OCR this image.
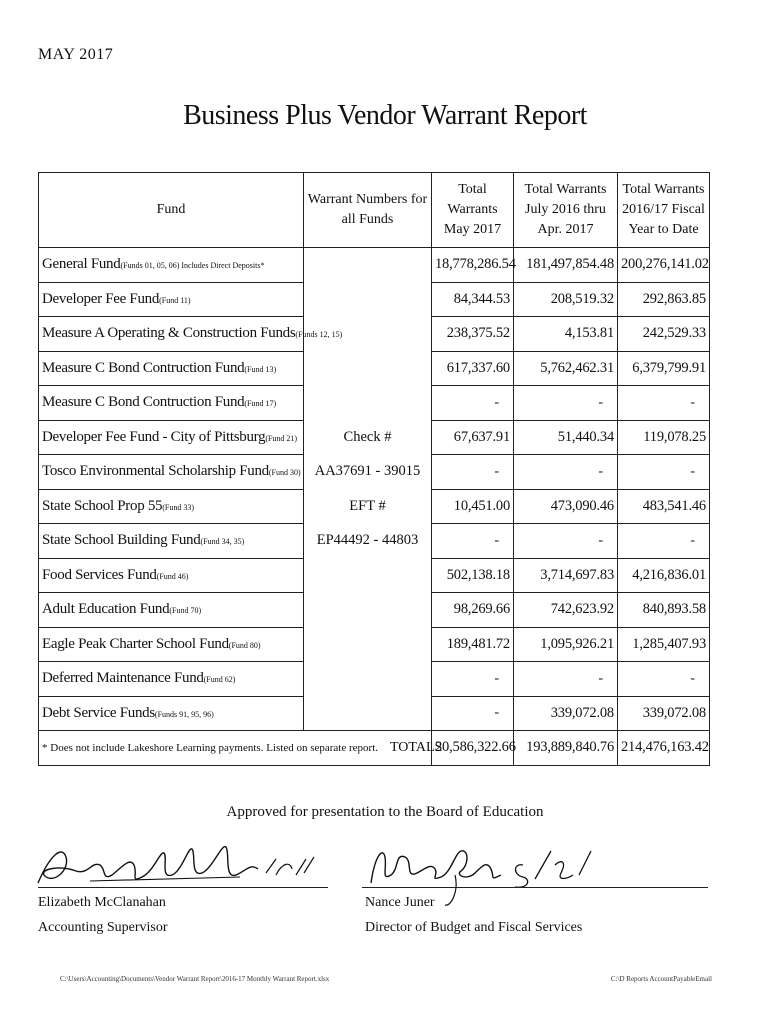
MAY 2017
Business Plus Vendor Warrant Report
Fund	Warrant Numbers for all Funds	Total Warrants May 2017	Total Warrants July 2016 thru Apr. 2017	Total Warrants 2016/17 Fiscal Year to Date
General Fund(Funds 01, 05, 06) Includes Direct Deposits*		18,778,286.54	181,497,854.48	200,276,141.02
Developer Fee Fund(Fund 11)		84,344.53	208,519.32	292,863.85
Measure A Operating & Construction Funds(Funds 12, 15)		238,375.52	4,153.81	242,529.33
Measure C Bond Contruction Fund(Fund 13)		617,337.60	5,762,462.31	6,379,799.91
Measure C Bond Contruction Fund(Fund 17)		-	-	-
Developer Fee Fund - City of Pittsburg(Fund 21)	Check #	67,637.91	51,440.34	119,078.25
Tosco Environmental Scholarship Fund(Fund 30)	AA37691 - 39015	-	-	-
State School Prop 55(Fund 33)	EFT #	10,451.00	473,090.46	483,541.46
State School Building Fund(Fund 34, 35)	EP44492 - 44803	-	-	-
Food Services Fund(Fund 46)		502,138.18	3,714,697.83	4,216,836.01
Adult Education Fund(Fund 70)		98,269.66	742,623.92	840,893.58
Eagle Peak Charter School Fund(Fund 80)		189,481.72	1,095,926.21	1,285,407.93
Deferred Maintenance Fund(Fund 62)		-	-	-
Debt Service Funds(Funds 91, 95, 96)		-	339,072.08	339,072.08
* Does not include Lakeshore Learning payments. Listed on separate report. TOTALS		20,586,322.66	193,889,840.76	214,476,163.42
Approved for presentation to the Board of Education
Elizabeth McClanahan
Accounting Supervisor
Nance Juner
Director of Budget and Fiscal Services
C:\Users\Accounting\Documents\Vendor Warrant Report\2016-17 Monthly Warrant Report.xlsx	C:\D Reports AccountPayableEmail
